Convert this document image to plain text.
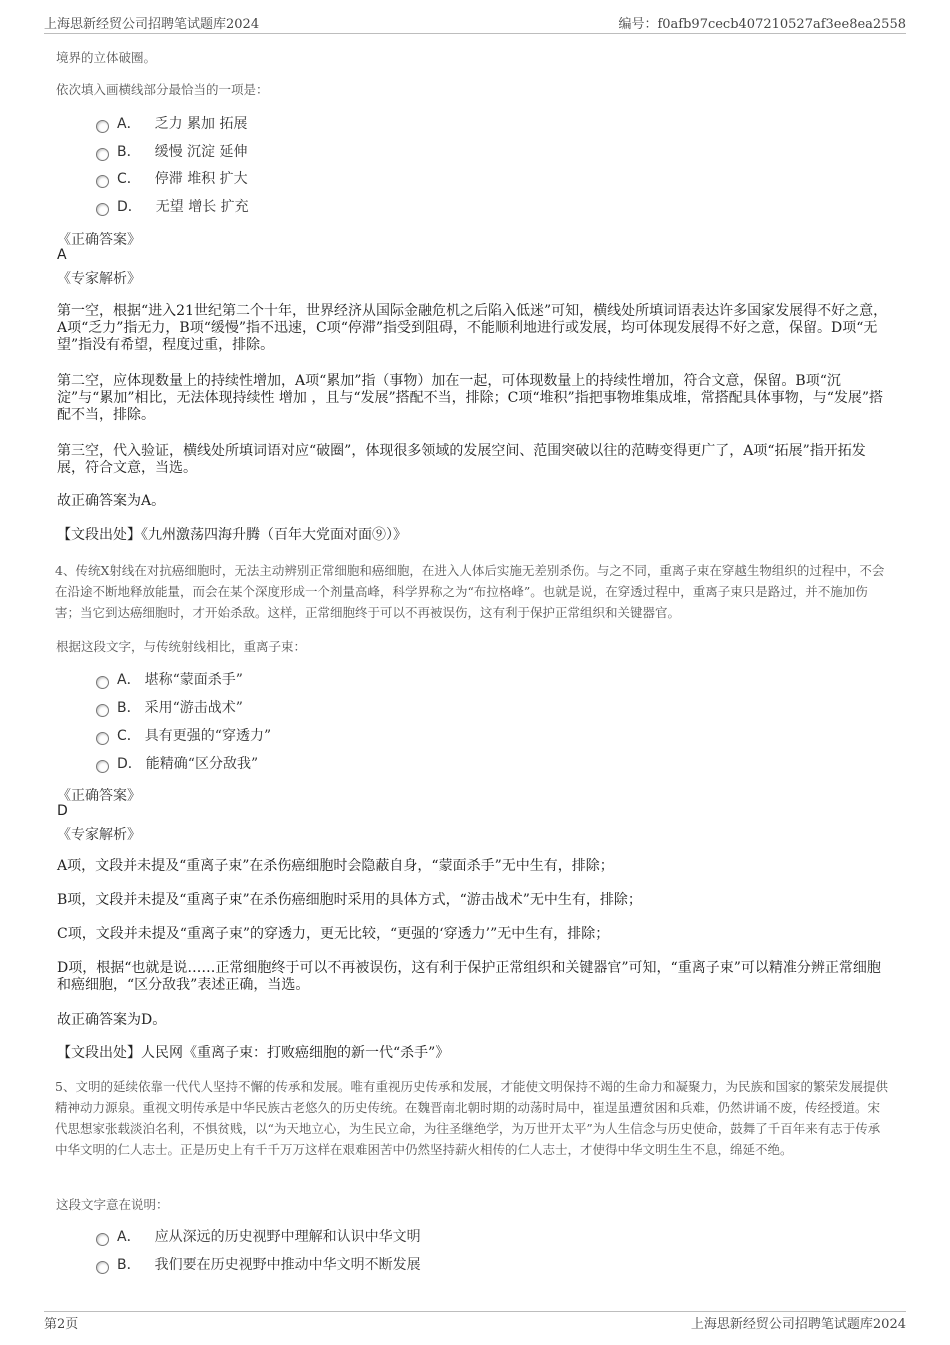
上海思新经贸公司招聘笔试题库2024	编号：f0afb97cecb407210527af3ee8ea2558
境界的立体破圈。
依次填入画横线部分最恰当的一项是：
A． 乏力 累加 拓展
B． 缓慢 沉淀 延伸
C． 停滞 堆积 扩大
D． 无望 增长 扩充
《正确答案》
A
《专家解析》
第一空，根据“进入21世纪第二个十年，世界经济从国际金融危机之后陷入低迷”可知，横线处所填词语表达许多国家发展得不好之意，A项“乏力”指无力，B项“缓慢”指不迅速，C项“停滞”指受到阻碍，不能顺利地进行或发展，均可体现发展得不好之意，保留。D项“无望”指没有希望，程度过重，排除。
第二空，应体现数量上的持续性增加，A项“累加”指（事物）加在一起，可体现数量上的持续性增加，符合文意，保留。B项“沉淀”与“累加”相比，无法体现持续性 增加 ，且与“发展”搭配不当，排除；C项“堆积”指把事物堆集成堆，常搭配具体事物，与“发展”搭配不当，排除。
第三空，代入验证，横线处所填词语对应“破圈”，体现很多领域的发展空间、范围突破以往的范畴变得更广了，A项“拓展”指开拓发展，符合文意，当选。
故正确答案为A。
【文段出处】《九州激荡四海升腾（百年大党面对面⑨）》
4、传统X射线在对抗癌细胞时，无法主动辨别正常细胞和癌细胞，在进入人体后实施无差别杀伤。与之不同，重离子束在穿越生物组织的过程中，不会在沿途不断地释放能量，而会在某个深度形成一个剂量高峰，科学界称之为“布拉格峰”。也就是说，在穿透过程中，重离子束只是路过，并不施加伤害；当它到达癌细胞时，才开始杀敌。这样，正常细胞终于可以不再被误伤，这有利于保护正常组织和关键器官。
根据这段文字，与传统射线相比，重离子束：
A． 堪称“蒙面杀手”
B． 采用“游击战术”
C． 具有更强的“穿透力”
D． 能精确“区分敌我”
《正确答案》
D
《专家解析》
A项，文段并未提及“重离子束”在杀伤癌细胞时会隐蔽自身，“蒙面杀手”无中生有，排除；
B项，文段并未提及“重离子束”在杀伤癌细胞时采用的具体方式，“游击战术”无中生有，排除；
C项，文段并未提及“重离子束”的穿透力，更无比较，“更强的‘穿透力’”无中生有，排除；
D项，根据“也就是说……正常细胞终于可以不再被误伤，这有利于保护正常组织和关键器官”可知，“重离子束”可以精准分辨正常细胞和癌细胞，“区分敌我”表述正确，当选。
故正确答案为D。
【文段出处】人民网《重离子束：打败癌细胞的新一代“杀手”》
5、文明的延续依靠一代代人坚持不懈的传承和发展。唯有重视历史传承和发展，才能使文明保持不竭的生命力和凝聚力，为民族和国家的繁荣发展提供精神动力源泉。重视文明传承是中华民族古老悠久的历史传统。在魏晋南北朝时期的动荡时局中，崔逞虽遭贫困和兵难，仍然讲诵不废，传经授道。宋代思想家张载淡泊名利，不惧贫贱，以“为天地立心，为生民立命，为往圣继绝学，为万世开太平”为人生信念与历史使命，鼓舞了千百年来有志于传承中华文明的仁人志士。正是历史上有千千万万这样在艰难困苦中仍然坚持薪火相传的仁人志士，才使得中华文明生生不息，绵延不绝。
这段文字意在说明：
A． 应从深远的历史视野中理解和认识中华文明
B． 我们要在历史视野中推动中华文明不断发展
第2页	上海思新经贸公司招聘笔试题库2024
